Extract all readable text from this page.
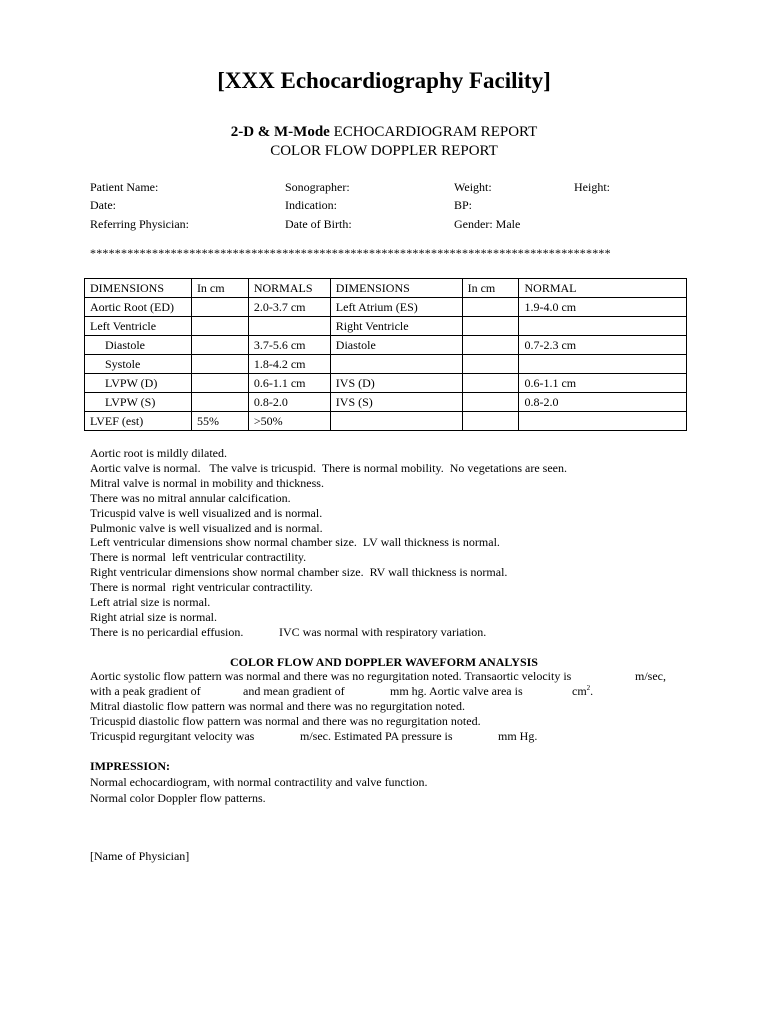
[XXX Echocardiography Facility]
2-D & M-Mode ECHOCARDIOGRAM REPORT
COLOR FLOW DOPPLER REPORT
Patient Name:	Sonographer:	Weight:	Height:
Date:	Indication:	BP:
Referring Physician:	Date of Birth:	Gender: Male
************************************************************************************
DIMENSIONS	In cm	NORMALS	DIMENSIONS	In cm	NORMAL
Aortic Root (ED)		2.0-3.7 cm	Left Atrium (ES)		1.9-4.0 cm
Left Ventricle			Right Ventricle		
Diastole		3.7-5.6 cm	Diastole		0.7-2.3 cm
Systole		1.8-4.2 cm			
LVPW (D)		0.6-1.1 cm	IVS (D)		0.6-1.1 cm
LVPW (S)		0.8-2.0	IVS (S)		0.8-2.0
LVEF (est)	55%	>50%			
Aortic root is mildly dilated.
Aortic valve is normal.   The valve is tricuspid.  There is normal mobility.  No vegetations are seen.
Mitral valve is normal in mobility and thickness.
There was no mitral annular calcification.
Tricuspid valve is well visualized and is normal.
Pulmonic valve is well visualized and is normal.
Left ventricular dimensions show normal chamber size.  LV wall thickness is normal.
There is normal  left ventricular contractility.
Right ventricular dimensions show normal chamber size.  RV wall thickness is normal.
There is normal  right ventricular contractility.
Left atrial size is normal.
Right atrial size is normal.
There is no pericardial effusion.	IVC was normal with respiratory variation.
COLOR FLOW AND DOPPLER WAVEFORM ANALYSIS
Aortic systolic flow pattern was normal and there was no regurgitation noted. Transaortic velocity is	m/sec,
with a peak gradient of	and mean gradient of	mm hg. Aortic valve area is	$cm^2$.
Mitral diastolic flow pattern was normal and there was no regurgitation noted.
Tricuspid diastolic flow pattern was normal and there was no regurgitation noted.
Tricuspid regurgitant velocity was	m/sec. Estimated PA pressure is	mm Hg.
IMPRESSION:
Normal echocardiogram, with normal contractility and valve function.
Normal color Doppler flow patterns.
[Name of Physician]
